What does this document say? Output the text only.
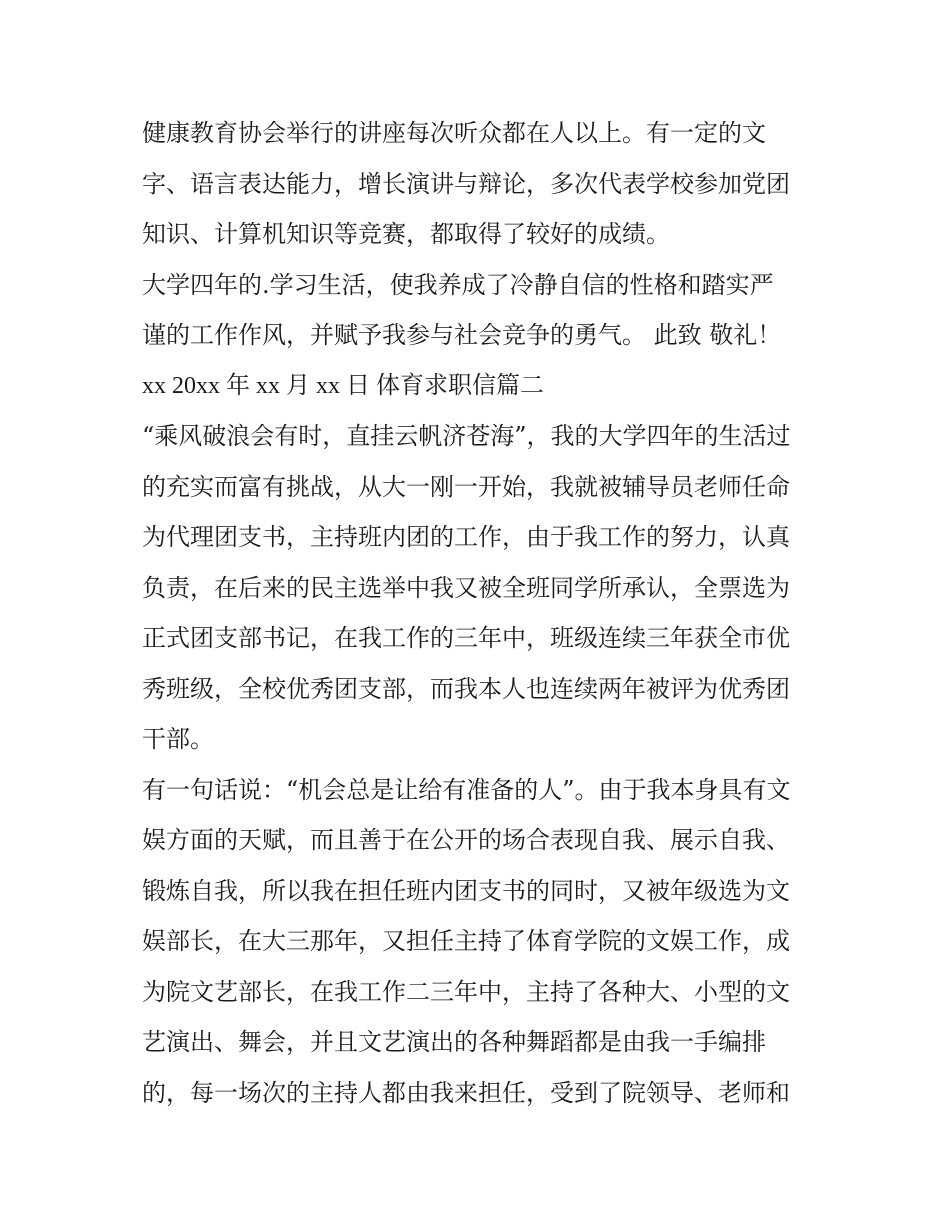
健康教育协会举行的讲座每次听众都在人以上。有一定的文
字、语言表达能力，增长演讲与辩论，多次代表学校参加党团
知识、计算机知识等竞赛，都取得了较好的成绩。
大学四年的.学习生活，使我养成了冷静自信的性格和踏实严
谨的工作作风，并赋予我参与社会竞争的勇气。 此致 敬礼！
xx 20xx 年 xx 月 xx 日 体育求职信篇二
“乘风破浪会有时，直挂云帆济苍海”，我的大学四年的生活过
的充实而富有挑战，从大一刚一开始，我就被辅导员老师任命
为代理团支书，主持班内团的工作，由于我工作的努力，认真
负责，在后来的民主选举中我又被全班同学所承认，全票选为
正式团支部书记，在我工作的三年中，班级连续三年获全市优
秀班级，全校优秀团支部，而我本人也连续两年被评为优秀团
干部。
有一句话说：“机会总是让给有准备的人”。由于我本身具有文
娱方面的天赋，而且善于在公开的场合表现自我、展示自我、
锻炼自我，所以我在担任班内团支书的同时，又被年级选为文
娱部长，在大三那年，又担任主持了体育学院的文娱工作，成
为院文艺部长，在我工作二三年中，主持了各种大、小型的文
艺演出、舞会，并且文艺演出的各种舞蹈都是由我一手编排
的，每一场次的主持人都由我来担任，受到了院领导、老师和
